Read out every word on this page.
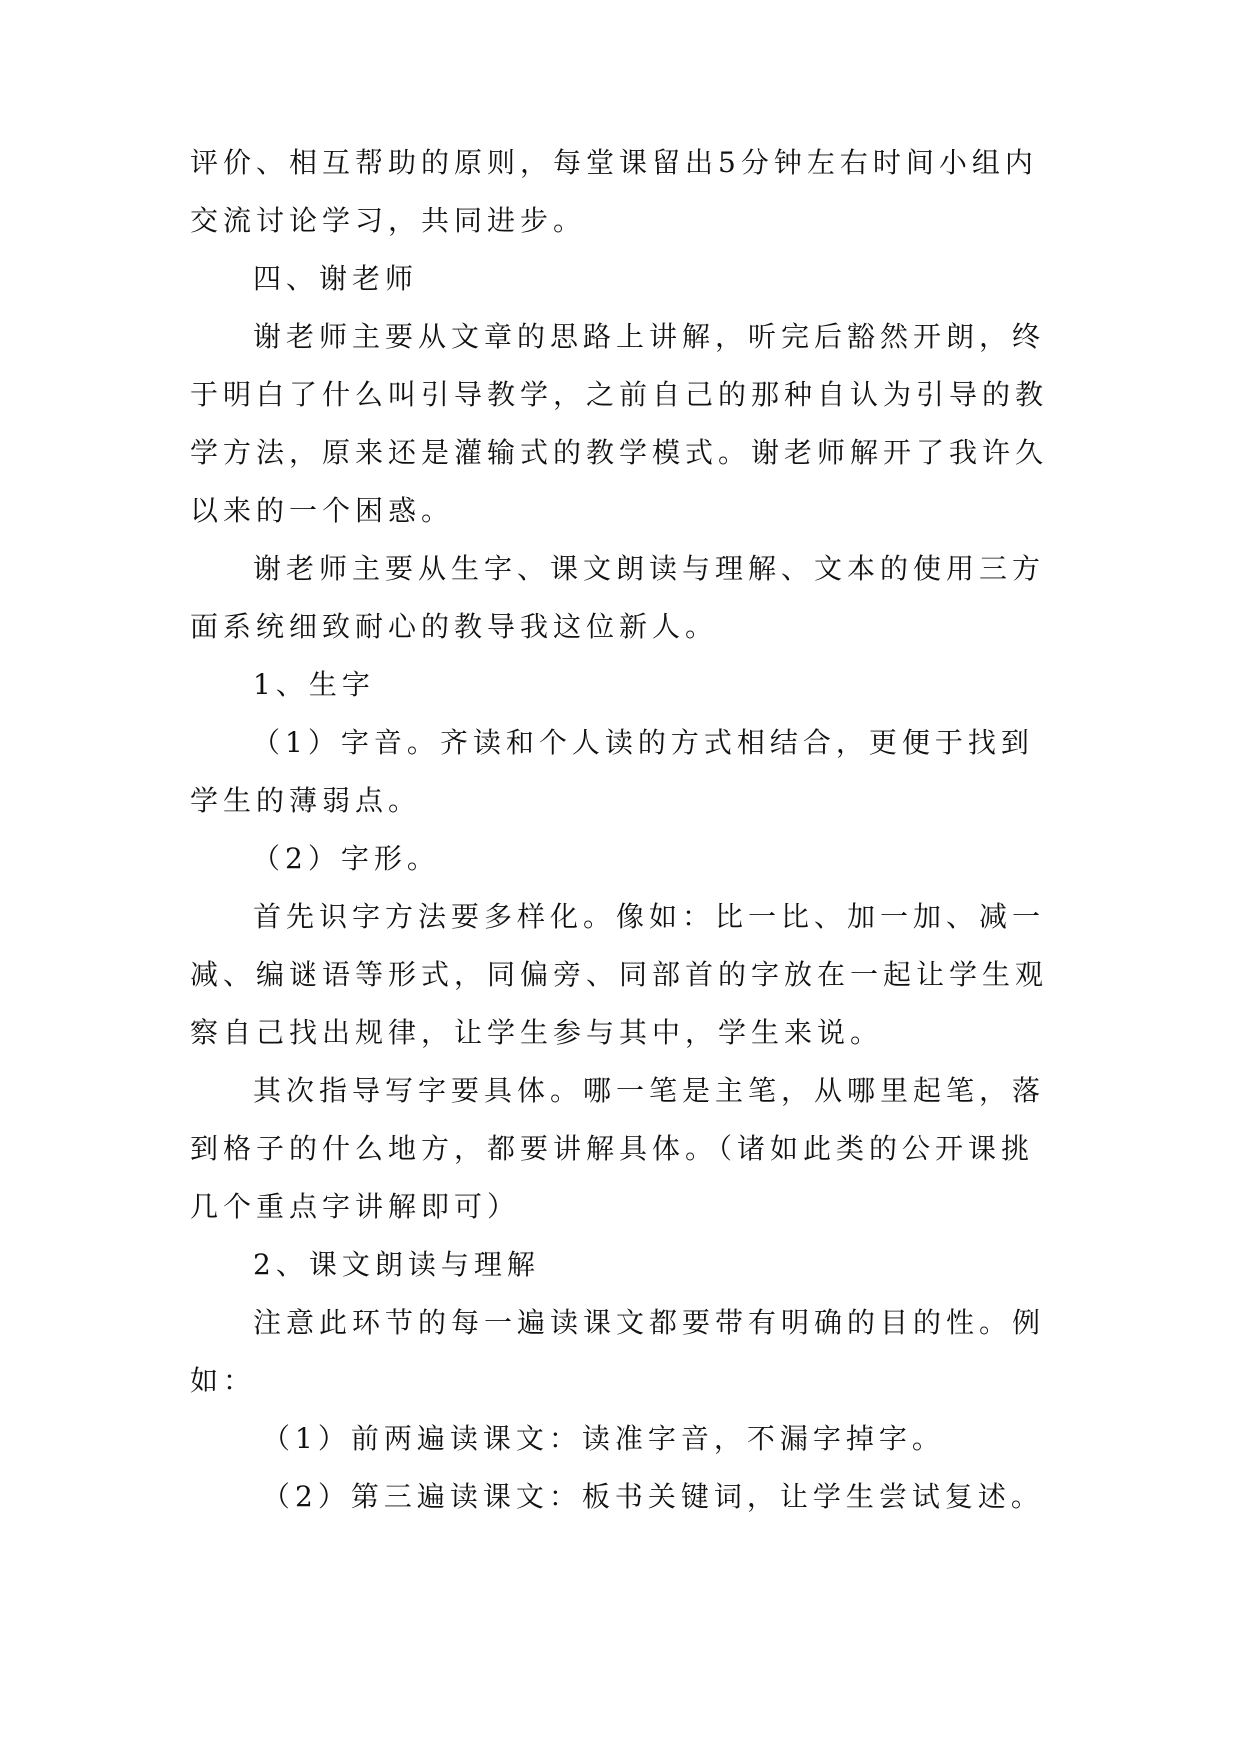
评价、相互帮助的原则，每堂课留出5分钟左右时间小组内
交流讨论学习，共同进步。
四、谢老师
谢老师主要从文章的思路上讲解，听完后豁然开朗，终
于明白了什么叫引导教学，之前自己的那种自认为引导的教
学方法，原来还是灌输式的教学模式。谢老师解开了我许久
以来的一个困惑。
谢老师主要从生字、课文朗读与理解、文本的使用三方
面系统细致耐心的教导我这位新人。
1、生字
（1）字音。齐读和个人读的方式相结合，更便于找到
学生的薄弱点。
（2）字形。
首先识字方法要多样化。像如：比一比、加一加、减一
减、编谜语等形式，同偏旁、同部首的字放在一起让学生观
察自己找出规律，让学生参与其中，学生来说。
其次指导写字要具体。哪一笔是主笔，从哪里起笔，落
到格子的什么地方，都要讲解具体。（诸如此类的公开课挑
几个重点字讲解即可）
2、课文朗读与理解
注意此环节的每一遍读课文都要带有明确的目的性。例
如：
（1）前两遍读课文：读准字音，不漏字掉字。
（2）第三遍读课文：板书关键词，让学生尝试复述。
